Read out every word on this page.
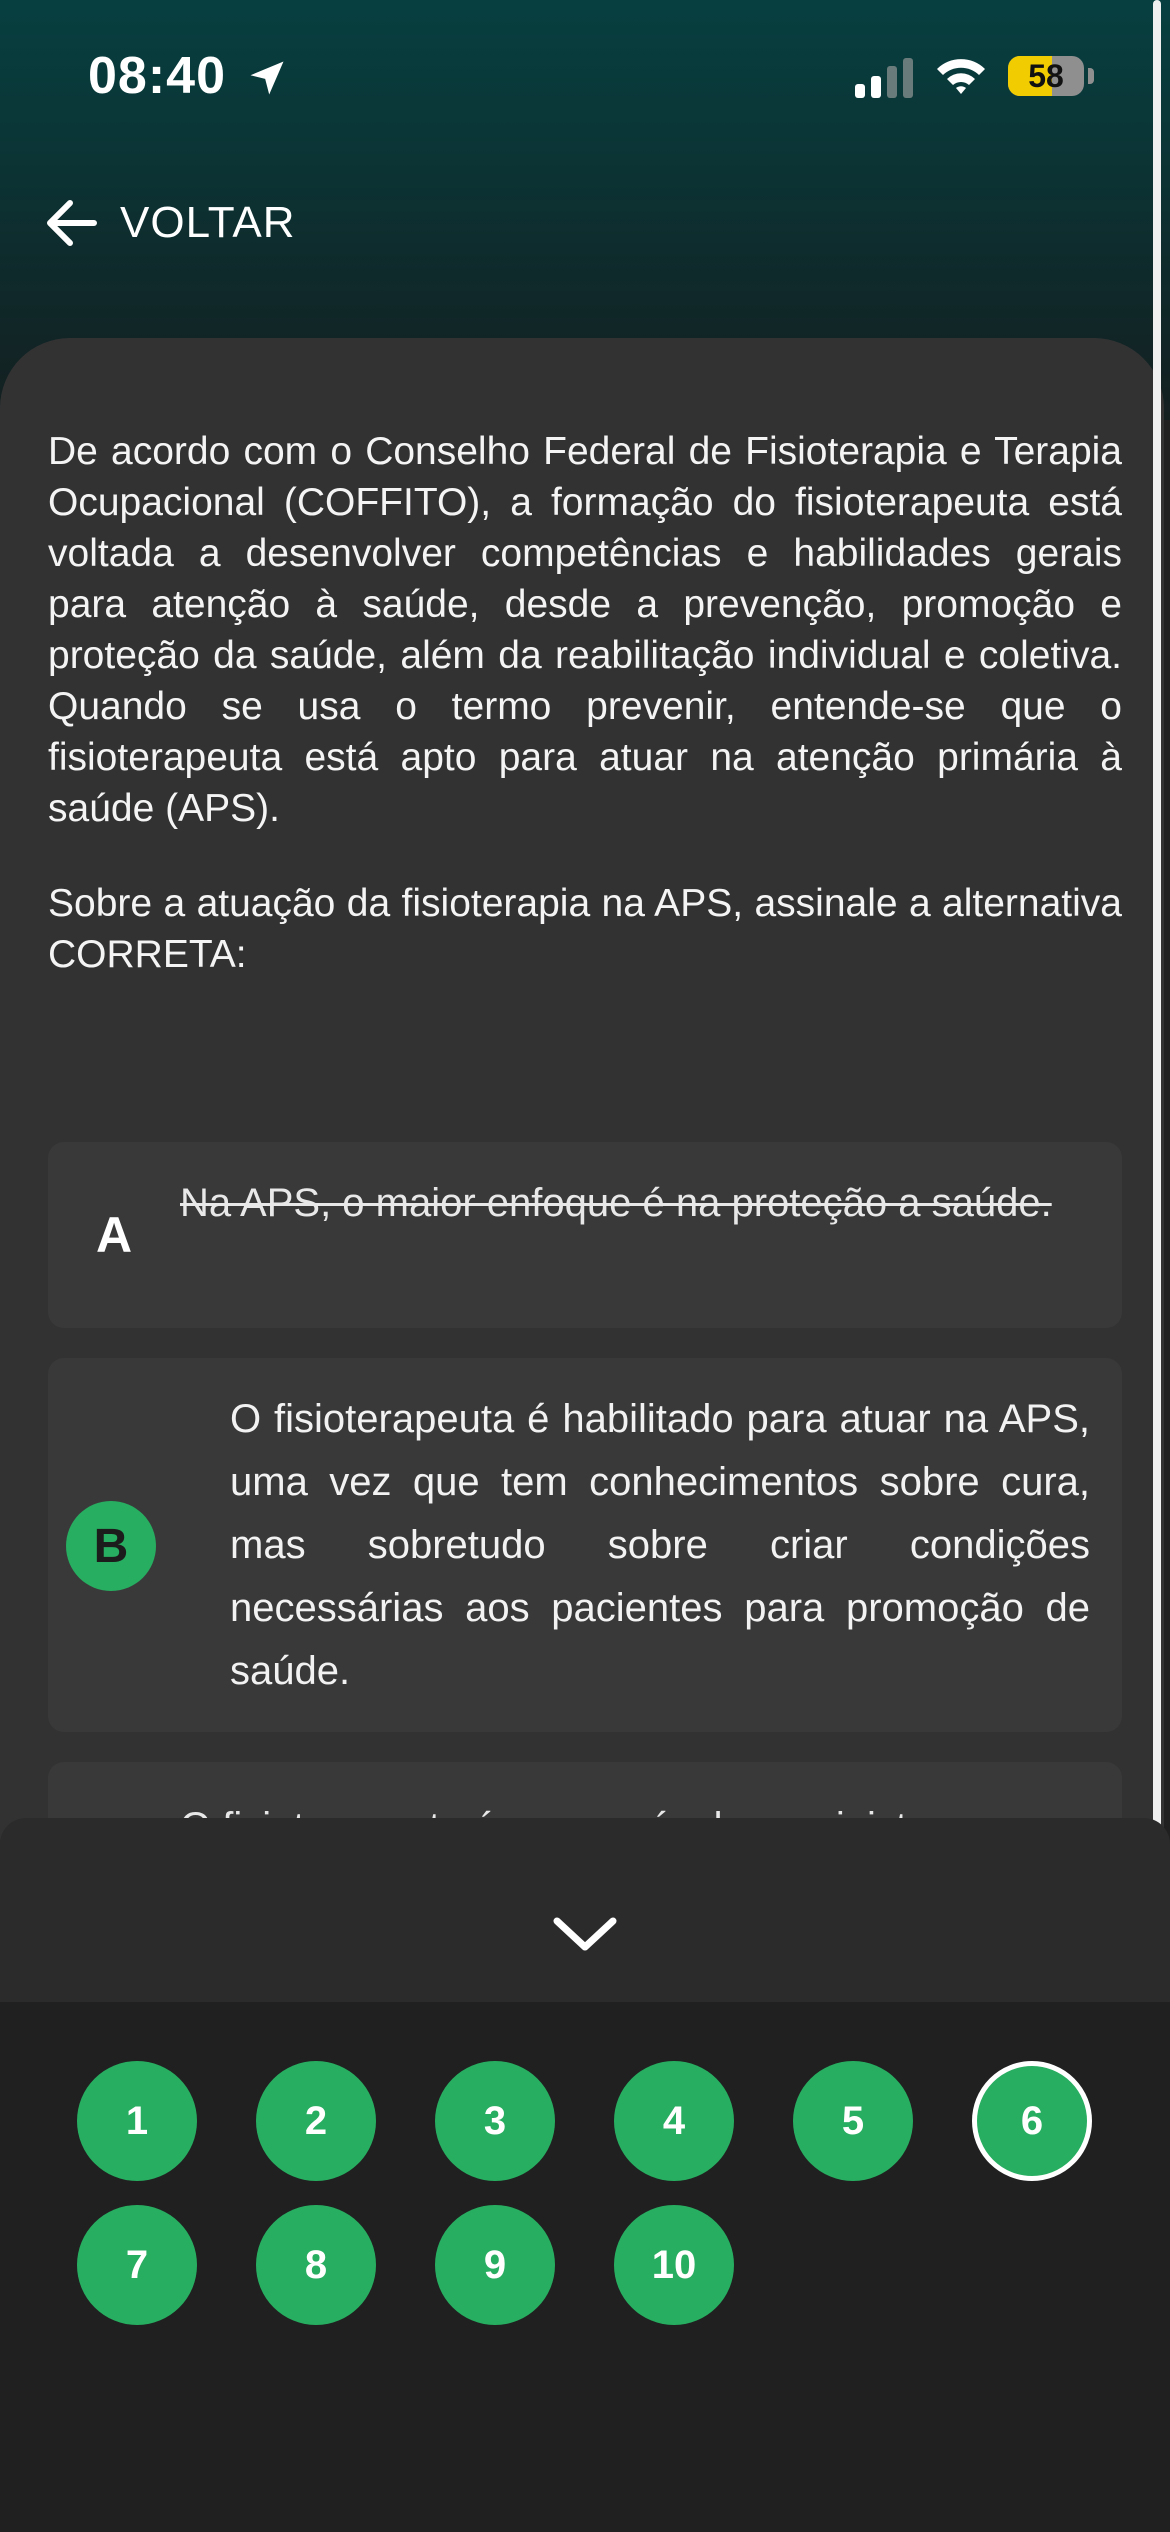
08:40	58
VOLTAR

De acordo com o Conselho Federal de Fisioterapia e Terapia Ocupacional (COFFITO), a formação do fisioterapeuta está voltada a desenvolver competências e habilidades gerais para atenção à saúde, desde a prevenção, promoção e proteção da saúde, além da reabilitação individual e coletiva. Quando se usa o termo prevenir, entende-se que o fisioterapeuta está apto para atuar na atenção primária à saúde (APS).

Sobre a atuação da fisioterapia na APS, assinale a alternativa CORRETA:

A
Na APS, o maior enfoque é na proteção a saúde.
B
O fisioterapeuta é habilitado para atuar na APS, uma vez que tem conhecimentos sobre cura, mas sobretudo sobre criar condições necessárias aos pacientes para promoção de saúde.
1	2	3	4	5	6
7	8	9	10
